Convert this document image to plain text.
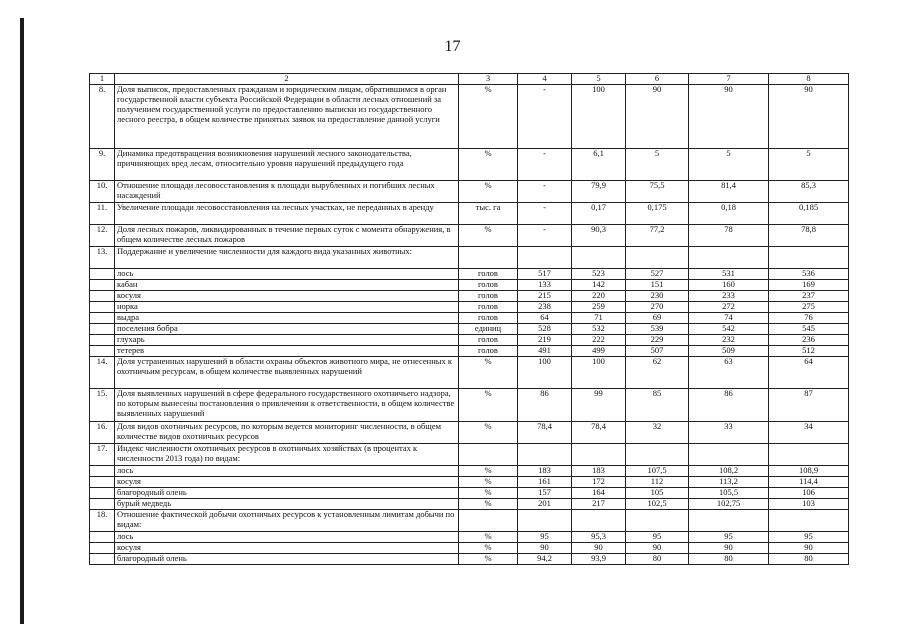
17
1	2	3	4	5	6	7	8
8.	Доля выписок, предоставленных гражданам и юридическим лицам, обратившимся в орган государственной власти субъекта Российской Федерации в области лесных отношений за получением государственной услуги по предоставлению выписки из государственного лесного реестра, в общем количестве принятых заявок на предоставление данной услуги	%	-	100	90	90	90
9.	Динамика предотвращения возникновения нарушений лесного законодательства, причиняющих вред лесам, относительно уровня нарушений предыдущего года	%	-	6,1	5	5	5
10.	Отношение площади лесовосстановления к площади вырубленных и погибших лесных насаждений	%	-	79,9	75,5	81,4	85,3
11.	Увеличение площади лесовосстановления на лесных участках, не переданных в аренду	тыс. га	-	0,17	0,175	0,18	0,185
12.	Доля лесных пожаров, ликвидированных в течение первых суток с момента обнаружения, в общем количестве лесных пожаров	%	-	90,3	77,2	78	78,8
13.	Поддержание и увеличение численности для каждого вида указанных животных:						
	лось	голов	517	523	527	531	536
	кабан	голов	133	142	151	160	169
	косуля	голов	215	220	230	233	237
	норка	голов	238	259	270	272	275
	выдра	голов	64	71	69	74	76
	поселения бобра	единиц	528	532	539	542	545
	глухарь	голов	219	222	229	232	236
	тетерев	голов	491	499	507	509	512
14.	Доля устраненных нарушений в области охраны объектов животного мира, не отнесенных к охотничьим ресурсам, в общем количестве выявленных нарушений	%	100	100	62	63	64
15.	Доля выявленных нарушений в сфере федерального государственного охотничьего надзора, по которым вынесены постановления о привлечении к ответственности, в общем количестве выявленных нарушений	%	86	99	85	86	87
16.	Доля видов охотничьих ресурсов, по которым ведется мониторинг численности, в общем количестве видов охотничьих ресурсов	%	78,4	78,4	32	33	34
17.	Индекс численности охотничьих ресурсов в охотничьих хозяйствах (в процентах к численности 2013 года) по видам:						
	лось	%	183	183	107,5	108,2	108,9
	косуля	%	161	172	112	113,2	114,4
	благородный олень	%	157	164	105	105,5	106
	бурый медведь	%	201	217	102,5	102,75	103
18.	Отношение фактической добычи охотничьих ресурсов к установленным лимитам добычи по видам:						
	лось	%	95	95,3	95	95	95
	косуля	%	90	90	90	90	90
	благородный олень	%	94,2	93,9	80	80	80
